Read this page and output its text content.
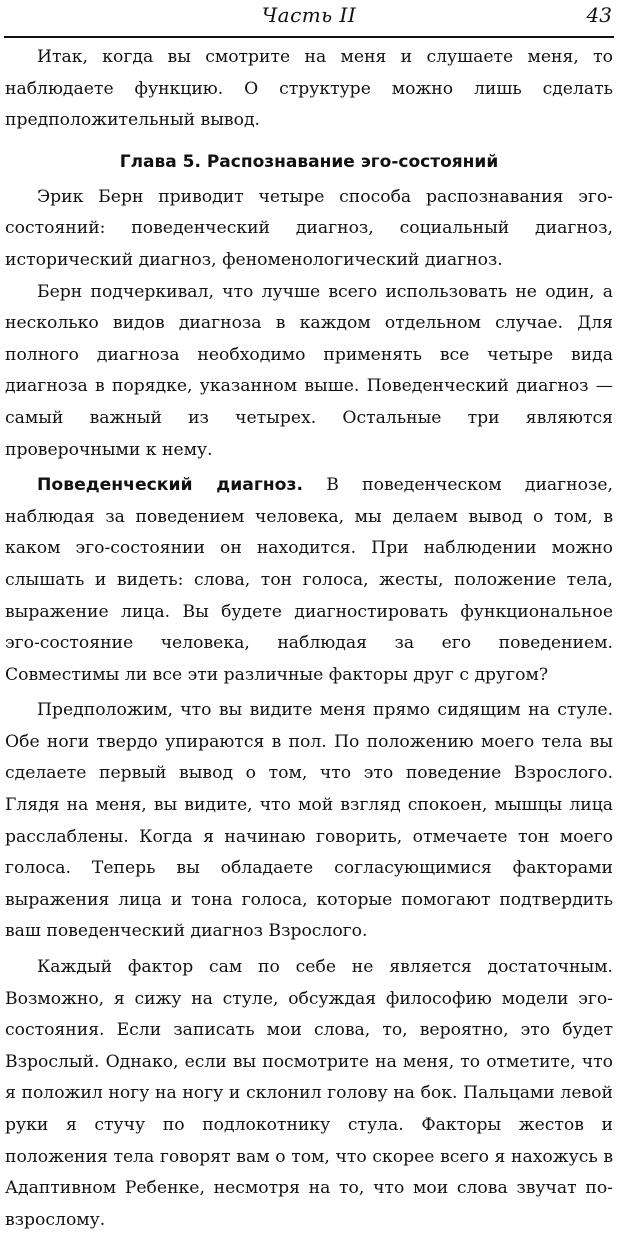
Часть II	43

Итак, когда вы смотрите на меня и слушаете меня, то наблюдаете функцию. О структуре можно лишь сделать предположительный вывод.

Глава 5. Распознавание эго-состояний

Эрик Берн приводит четыре способа распознавания эго-состояний: поведенческий диагноз, социальный диагноз, исторический диагноз, феноменологический диагноз.

Берн подчеркивал, что лучше всего использовать не один, а несколько видов диагноза в каждом отдельном случае. Для полного диагноза необходимо применять все четыре вида диагноза в порядке, указанном выше. Поведенческий диагноз — самый важный из четырех. Остальные три являются проверочными к нему.

Поведенческий диагноз. В поведенческом диагнозе, наблюдая за поведением человека, мы делаем вывод о том, в каком эго-состоянии он находится. При наблюдении можно слышать и видеть: слова, тон голоса, жесты, положение тела, выражение лица. Вы будете диагностировать функциональное эго-состояние человека, наблюдая за его поведением. Совместимы ли все эти различные факторы друг с другом?

Предположим, что вы видите меня прямо сидящим на стуле. Обе ноги твердо упираются в пол. По положению моего тела вы сделаете первый вывод о том, что это поведение Взрослого. Глядя на меня, вы видите, что мой взгляд спокоен, мышцы лица расслаблены. Когда я начинаю говорить, отмечаете тон моего голоса. Теперь вы обладаете согласующимися факторами выражения лица и тона голоса, которые помогают подтвердить ваш поведенческий диагноз Взрослого.

Каждый фактор сам по себе не является достаточным. Возможно, я сижу на стуле, обсуждая философию модели эго-состояния. Если записать мои слова, то, вероятно, это будет Взрослый. Однако, если вы посмотрите на меня, то отметите, что я положил ногу на ногу и склонил голову на бок. Пальцами левой руки я стучу по подлокотнику стула. Факторы жестов и положения тела говорят вам о том, что скорее всего я нахожусь в Адаптивном Ребенке, несмотря на то, что мои слова звучат по-взрослому.
